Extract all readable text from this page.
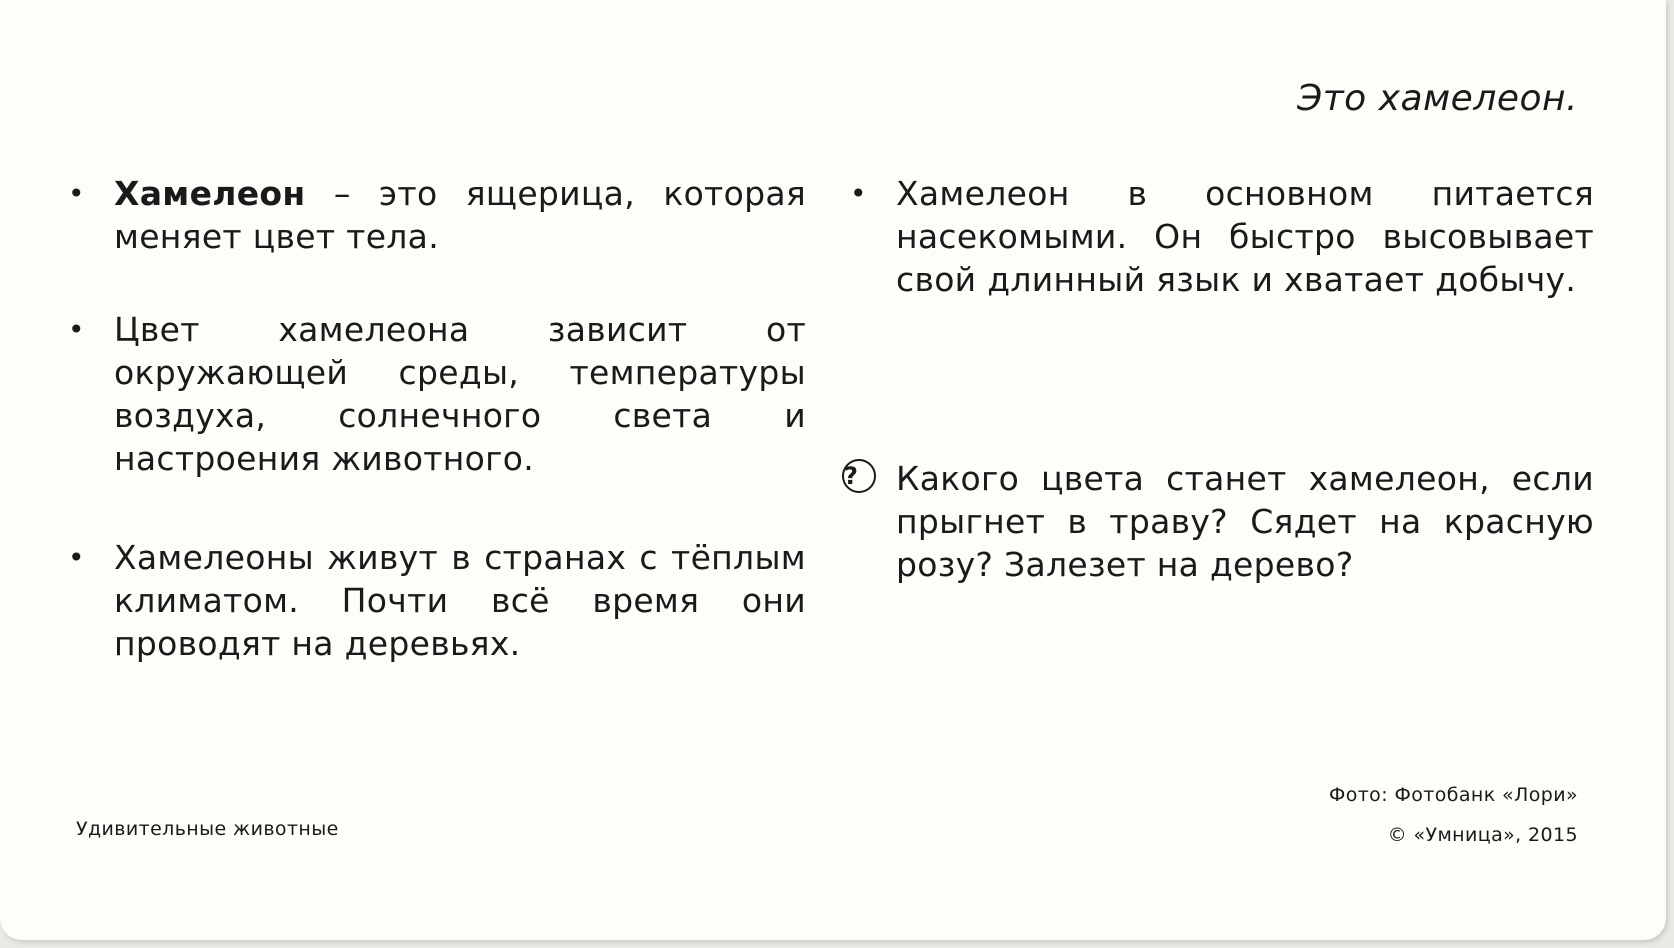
Это хамелеон.
• Хамелеон – это ящерица, которая меняет цвет тела.
• Цвет хамелеона зависит от окружающей среды, температуры воздуха, солнечного света и настроения животного.
• Хамелеоны живут в странах с тёплым климатом. Почти всё время они проводят на деревьях.
• Хамелеон в основном питается насекомыми. Он быстро высовывает свой длинный язык и хватает добычу.
?	Какого цвета станет хамелеон, если прыгнет в траву? Сядет на красную розу? Залезет на дерево?
Удивительные животные
Фото: Фотобанк «Лори»
© «Умница», 2015
